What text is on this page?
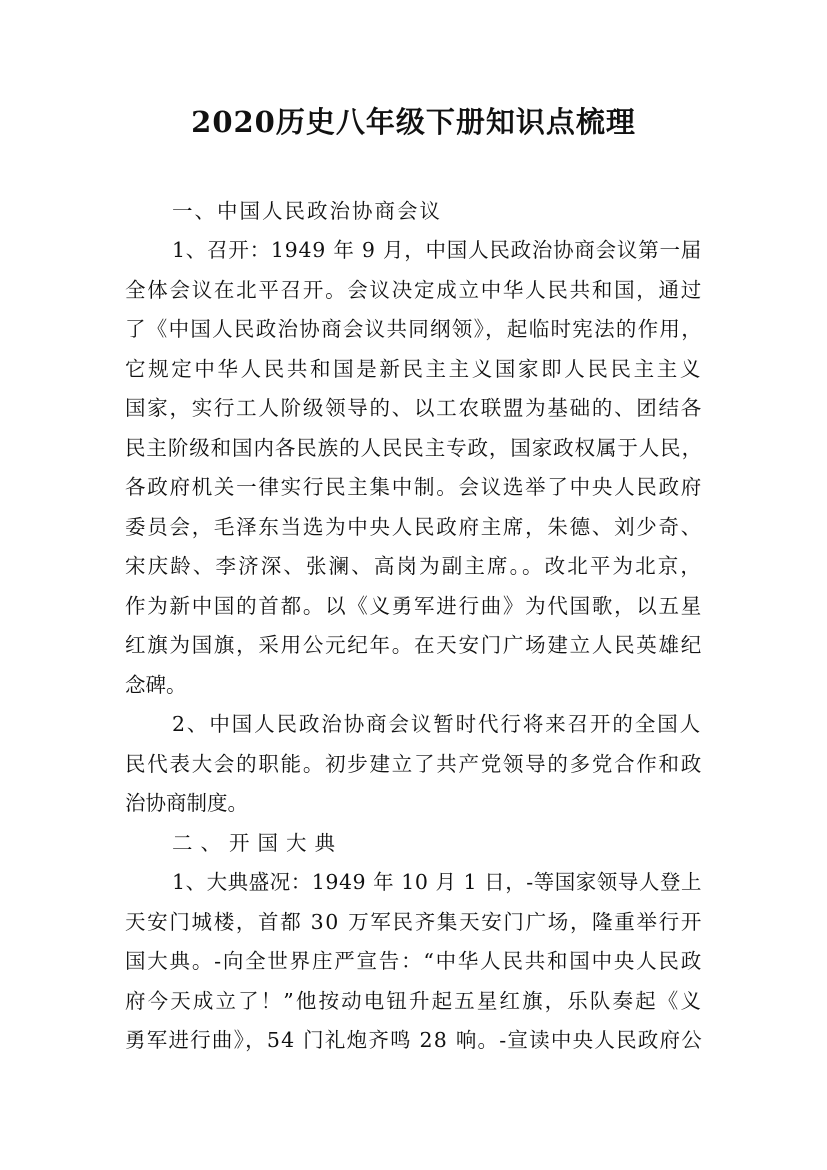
2020历史八年级下册知识点梳理
一、中国人民政治协商会议
1、召开：1949 年 9 月，中国人民政治协商会议第一届
全体会议在北平召开。会议决定成立中华人民共和国，通过
了《中国人民政治协商会议共同纲领》，起临时宪法的作用，
它规定中华人民共和国是新民主主义国家即人民民主主义
国家，实行工人阶级领导的、以工农联盟为基础的、团结各
民主阶级和国内各民族的人民民主专政，国家政权属于人民，
各政府机关一律实行民主集中制。会议选举了中央人民政府
委员会，毛泽东当选为中央人民政府主席，朱德、刘少奇、
宋庆龄、李济深、张澜、高岗为副主席。。改北平为北京，
作为新中国的首都。以《义勇军进行曲》为代国歌，以五星
红旗为国旗，采用公元纪年。在天安门广场建立人民英雄纪
念碑。
2、中国人民政治协商会议暂时代行将来召开的全国人
民代表大会的职能。初步建立了共产党领导的多党合作和政
治协商制度。
二、开国大典
1、大典盛况：1949 年 10 月 1 日，-等国家领导人登上
天安门城楼，首都 30 万军民齐集天安门广场，隆重举行开
国大典。-向全世界庄严宣告：“中华人民共和国中央人民政
府今天成立了！”他按动电钮升起五星红旗，乐队奏起《义
勇军进行曲》，54 门礼炮齐鸣 28 响。-宣读中央人民政府公
